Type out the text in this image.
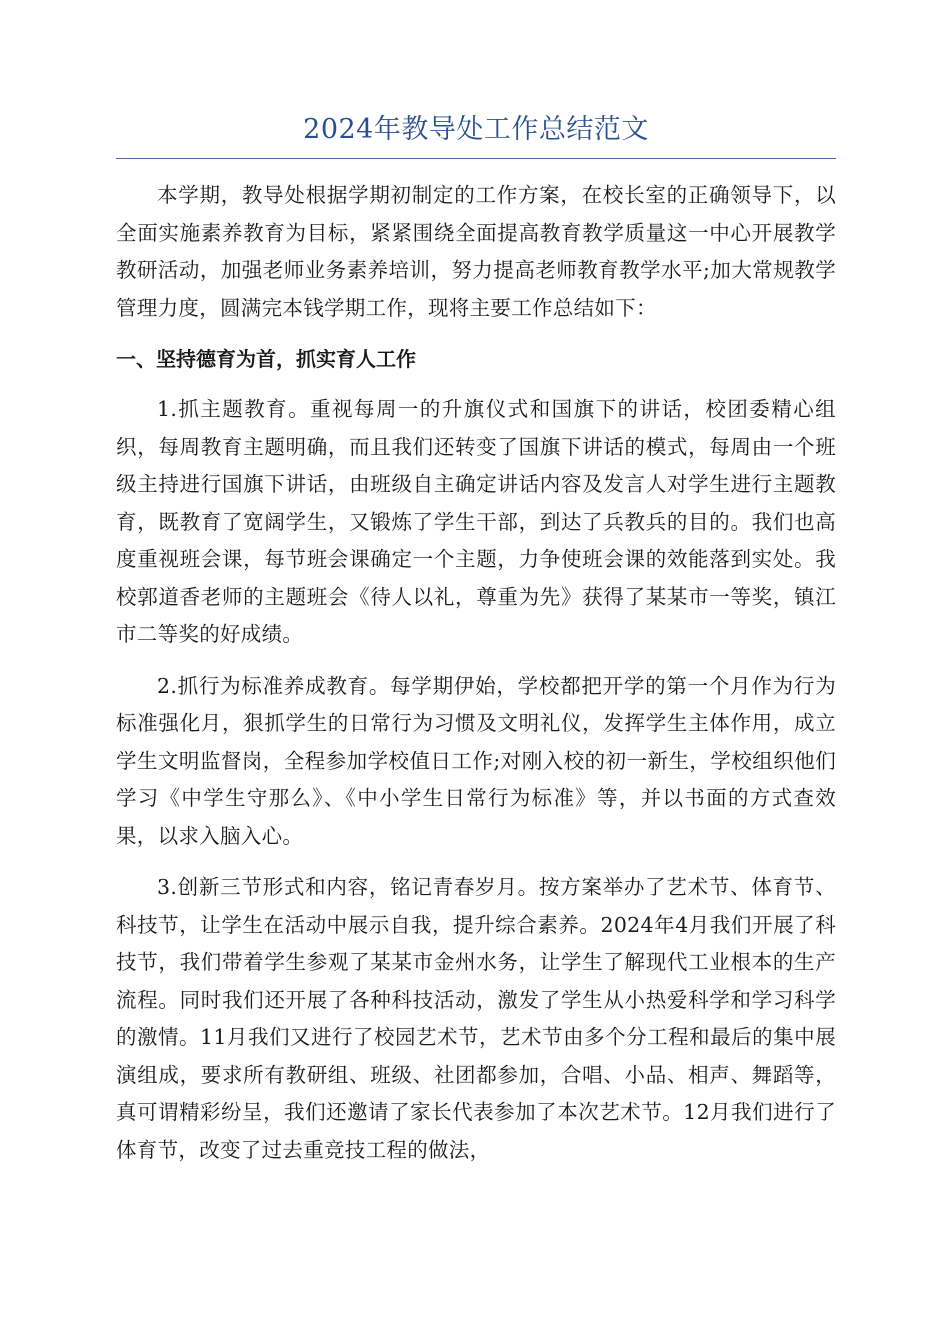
2024年教导处工作总结范文

本学期，教导处根据学期初制定的工作方案，在校长室的正确领导下，以全面实施素养教育为目标，紧紧围绕全面提高教育教学质量这一中心开展教学教研活动，加强老师业务素养培训，努力提高老师教育教学水平;加大常规教学管理力度，圆满完本钱学期工作，现将主要工作总结如下：

一、坚持德育为首，抓实育人工作

1.抓主题教育。重视每周一的升旗仪式和国旗下的讲话，校团委精心组织，每周教育主题明确，而且我们还转变了国旗下讲话的模式，每周由一个班级主持进行国旗下讲话，由班级自主确定讲话内容及发言人对学生进行主题教育，既教育了宽阔学生，又锻炼了学生干部，到达了兵教兵的目的。我们也高度重视班会课，每节班会课确定一个主题，力争使班会课的效能落到实处。我校郭道香老师的主题班会《待人以礼，尊重为先》获得了某某市一等奖，镇江市二等奖的好成绩。

2.抓行为标准养成教育。每学期伊始，学校都把开学的第一个月作为行为标准强化月，狠抓学生的日常行为习惯及文明礼仪，发挥学生主体作用，成立学生文明监督岗，全程参加学校值日工作;对刚入校的初一新生，学校组织他们学习《中学生守那么》、《中小学生日常行为标准》等，并以书面的方式查效果，以求入脑入心。

3.创新三节形式和内容，铭记青春岁月。按方案举办了艺术节、体育节、科技节，让学生在活动中展示自我，提升综合素养。2024年4月我们开展了科技节，我们带着学生参观了某某市金州水务，让学生了解现代工业根本的生产流程。同时我们还开展了各种科技活动，激发了学生从小热爱科学和学习科学的激情。11月我们又进行了校园艺术节，艺术节由多个分工程和最后的集中展演组成，要求所有教研组、班级、社团都参加，合唱、小品、相声、舞蹈等，真可谓精彩纷呈，我们还邀请了家长代表参加了本次艺术节。12月我们进行了体育节，改变了过去重竞技工程的做法，
